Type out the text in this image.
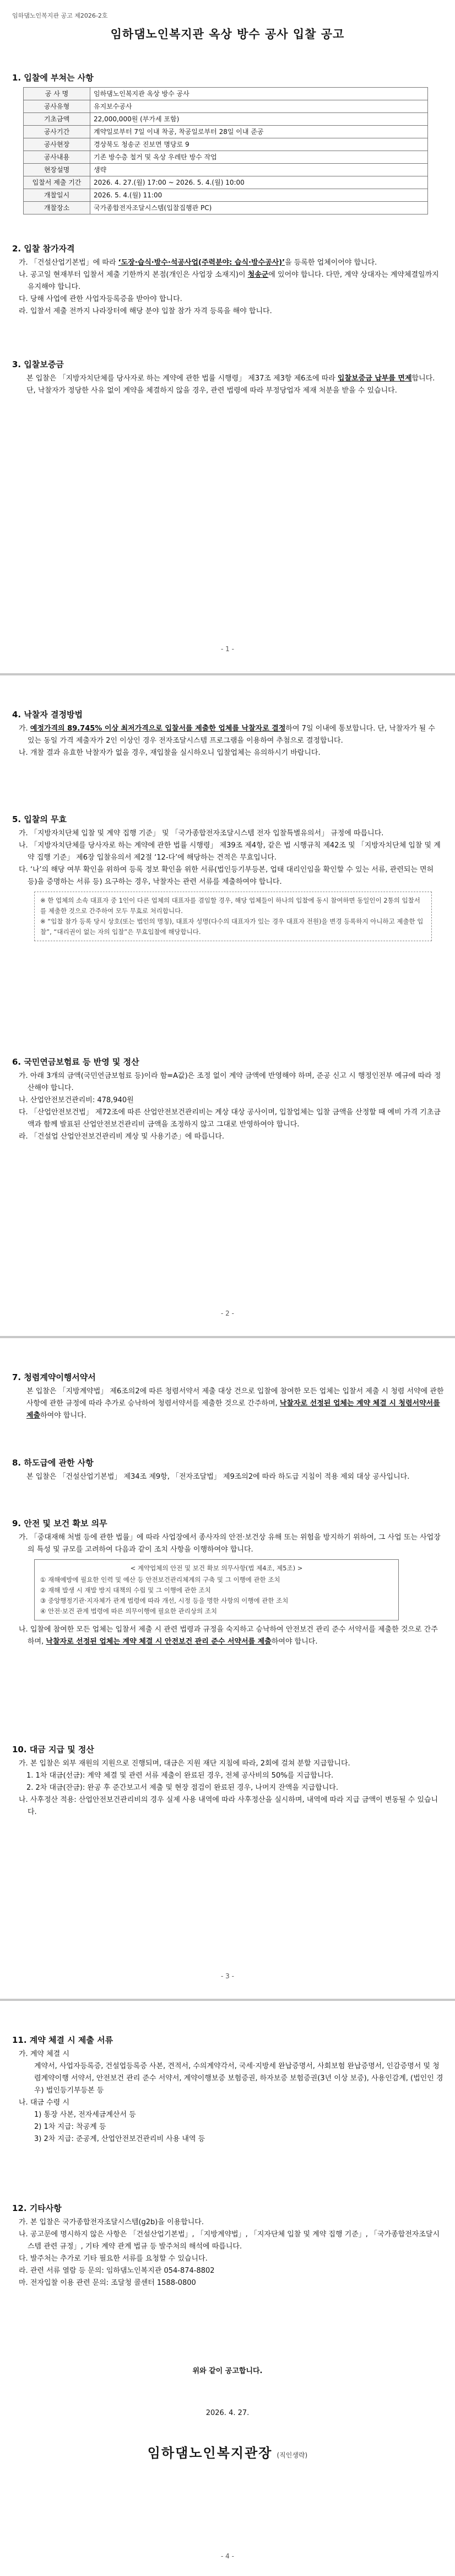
임하댐노인복지관 공고 제2026-2호
임하댐노인복지관 옥상 방수 공사 입찰 공고
1. 입찰에 부쳐는 사항
공 사 명	임하댐노인복지관 옥상 방수 공사
공사유형	유지보수공사
기초금액	22,000,000원 (부가세 포함)
공사기간	계약일로부터 7일 이내 착공, 착공일로부터 28일 이내 준공
공사현장	경상북도 청송군 진보면 명당로 9
공사내용	기존 방수층 철거 및 옥상 우레탄 방수 작업
현장설명	생략
입찰서 제출 기간	2026. 4. 27.(월) 17:00 ~ 2026. 5. 4.(월) 10:00
개찰일시	2026. 5. 4.(월) 11:00
개찰장소	국가종합전자조달시스템(입찰집행관 PC)
2. 입찰 참가자격

가. 「건설산업기본법」에 따라 ‘도장·습식·방수·석공사업(주력분야: 습식·방수공사)’을 등록한 업체이어야 합니다.

나. 공고일 현재부터 입찰서 제출 기한까지 본점(개인은 사업장 소재지)이 청송군에 있어야 합니다. 다만, 계약 상대자는 계약체결일까지 유지해야 합니다.

다. 당해 사업에 관한 사업자등록증을 받아야 합니다.

라. 입찰서 제출 전까지 나라장터에 해당 분야 입찰 참가 자격 등록을 해야 합니다.

3. 입찰보증금

본 입찰은 「지방자치단체를 당사자로 하는 계약에 관한 법률 시행령」 제37조 제3항 제6조에 따라 입찰보증금 납부를 면제합니다. 단, 낙찰자가 정당한 사유 없이 계약을 체결하지 않을 경우, 관련 법령에 따라 부정당업자 제재 처분을 받을 수 있습니다.

- 1 -
4. 낙찰자 결정방법

가. 예정가격의 89.745% 이상 최저가격으로 입찰서를 제출한 업체를 낙찰자로 결정하여 7일 이내에 통보합니다. 단, 낙찰자가 될 수 있는 동일 가격 제출자가 2인 이상인 경우 전자조달시스템 프로그램을 이용하여 추첨으로 결정합니다.

나. 개찰 결과 유효한 낙찰자가 없을 경우, 재입찰을 실시하오니 입찰업체는 유의하시기 바랍니다.

5. 입찰의 무효

가. 「지방자치단체 입찰 및 계약 집행 기준」 및 「국가종합전자조달시스템 전자 입찰특별유의서」 규정에 따릅니다.

나. 「지방자치단체를 당사자로 하는 계약에 관한 법률 시행령」 제39조 제4항, 같은 법 시행규칙 제42조 및 「지방자치단체 입찰 및 계약 집행 기준」 제6장 입찰유의서 제2절 ‘12-다’에 해당하는 견적은 무효입니다.

다. ‘나’의 해당 여부 확인을 위하여 등록 정보 확인을 위한 서류(법인등기부등본, 업태 대리인임을 확인할 수 있는 서류, 관련되는 면허 등)을 증명하는 서류 등) 요구하는 경우, 낙찰자는 관련 서류를 제출하여야 합니다.

※ 한 업체의 소속 대표자 중 1인이 다른 업체의 대표자를 겸임할 경우, 해당 업체들이 하나의 입찰에 동시 참여하면 동일인이 2통의 입찰서를 제출한 것으로 간주하여 모두 무효로 처리합니다.

※ “입찰 참가 등록 당시 상호(또는 법인의 명칭), 대표자 성명(다수의 대표자가 있는 경우 대표자 전원)을 변경 등록하지 아니하고 제출한 입찰”, “대리권이 없는 자의 입찰”은 무효입찰에 해당합니다.

6. 국민연금보험료 등 반영 및 정산

가. 아래 3개의 금액(국민연금보험료 등)이라 함=A값)은 조정 없이 계약 금액에 반영해야 하며, 준공 신고 시 행정인전부 예규에 따라 정산해야 합니다.

나. 산업안전보건관리비: 478,940원

다. 「산업안전보건법」 제72조에 따른 산업안전보건관리비는 계상 대상 공사이며, 입찰업체는 입찰 금액을 산정할 때 예비 가격 기초금액과 함께 발표된 산업안전보건관리비 금액을 조정하지 않고 그대로 반영하여야 합니다.

라. 「건설업 산업안전보건관리비 계상 및 사용기준」에 따릅니다.

- 2 -
7. 청렴계약이행서약서

본 입찰은 「지방계약법」 제6조의2에 따른 청렴서약서 제출 대상 건으로 입찰에 참여한 모든 업체는 입찰서 제출 시 청렴 서약에 관한 사항에 관한 규정에 따라 추가로 승낙하여 청렴서약서를 제출한 것으로 간주하며, 낙찰자로 선정된 업체는 계약 체결 시 청렴서약서를 제출하여야 합니다.

8. 하도급에 관한 사항

본 입찰은 「건설산업기본법」 제34조 제9항, 「전자조달법」 제9조의2에 따라 하도급 지침이 적용 제외 대상 공사입니다.

9. 안전 및 보건 확보 의무

가. 「중대재해 처벌 등에 관한 법률」에 따라 사업장에서 종사자의 안전·보건상 유해 또는 위험을 방지하기 위하여, 그 사업 또는 사업장의 특성 및 규모를 고려하여 다음과 같이 조치 사항을 이행하여야 합니다.

< 계약업체의 안전 및 보건 확보 의무사항(법 제4조, 제5조) >

① 재해예방에 필요한 인력 및 예산 등 안전보건관리체계의 구축 및 그 이행에 관한 조치

② 재해 발생 시 재발 방지 대책의 수립 및 그 이행에 관한 조치

③ 중앙행정기관·지자체가 관계 법령에 따라 개선, 시정 등을 명한 사항의 이행에 관한 조치

④ 안전·보건 관계 법령에 따른 의무이행에 필요한 관리상의 조치

나. 입찰에 참여한 모든 업체는 입찰서 제출 시 관련 법령과 규정을 숙지하고 승낙하여 안전보건 관리 준수 서약서를 제출한 것으로 간주하며, 낙찰자로 선정된 업체는 계약 체결 시 안전보건 관리 준수 서약서를 제출하여야 합니다.

10. 대금 지급 및 정산

가. 본 입찰은 외부 재원의 지원으로 진행되며, 대금은 지원 재단 지침에 따라, 2회에 걸쳐 분할 지급합니다.

1. 1차 대금(선금): 계약 체결 및 관련 서류 제출이 완료된 경우, 전체 공사비의 50%를 지급합니다.

2. 2차 대금(잔금): 완공 후 준간보고서 제출 및 현장 점검이 완료된 경우, 나머지 잔액을 지급합니다.

나. 사후정산 적용: 산업안전보건관리비의 경우 실제 사용 내역에 따라 사후정산을 실시하며, 내역에 따라 지급 금액이 변동될 수 있습니다.

- 3 -
11. 계약 체결 시 제출 서류

가. 계약 체결 시

계약서, 사업자등록증, 건설업등록증 사본, 견적서, 수의계약각서, 국세·지방세 완납증명서, 사회보험 완납증명서, 인감증명서 및 청렴계약이행 서약서, 안전보건 관리 준수 서약서, 계약이행보증 보험증권, 하자보증 보험증권(3년 이상 보증), 사용인감계, (법인인 경우) 법인등기부등본 등

나. 대금 수령 시

1) 통장 사본, 전자세금계산서 등

2) 1차 지급: 착공계 등

3) 2차 지급: 준공계, 산업안전보건관리비 사용 내역 등

12. 기타사항

가. 본 입찰은 국가종합전자조달시스템(g2b)을 이용합니다.

나. 공고문에 명시하지 않은 사항은 「건설산업기본법」, 「지방계약법」, 「지자단체 입찰 및 계약 집행 기준」, 「국가종합전자조달시스템 관련 규정」, 기타 계약 관계 법규 등 발주처의 해석에 따릅니다.

다. 발주처는 추가로 기타 필요한 서류를 요청할 수 있습니다.

라. 관련 서류 열람 등 문의: 임하댐노인복지관 054-874-8802

마. 전자입찰 이용 관련 문의: 조달청 콜센터 1588-0800

위와 같이 공고합니다.
2026. 4. 27.
임하댐노인복지관장 (직인생략)
- 4 -
